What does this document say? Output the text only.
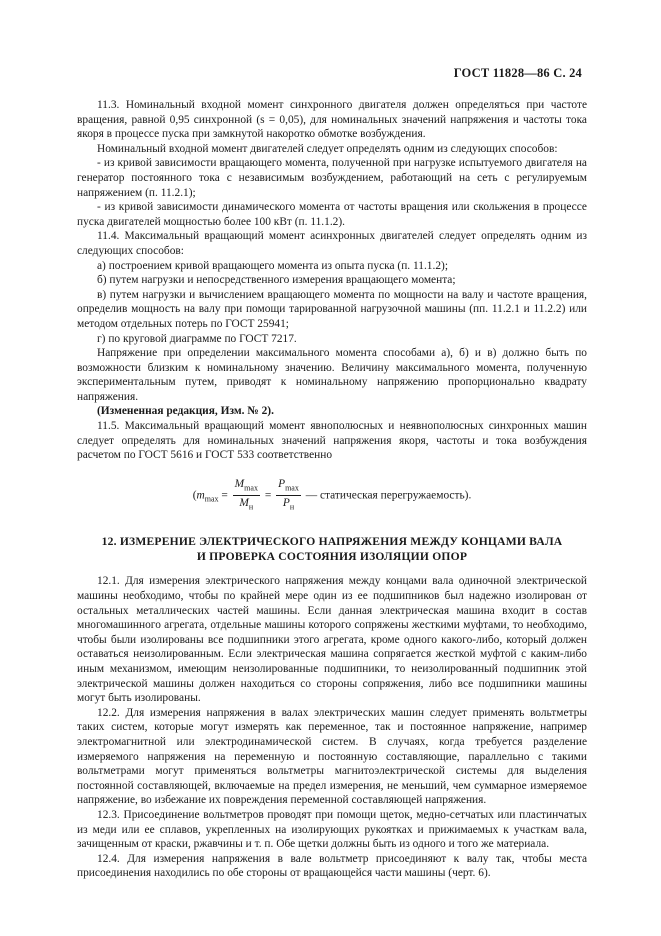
ГОСТ 11828—86 С. 24

11.3. Номинальный входной момент синхронного двигателя должен определяться при частоте вращения, равной 0,95 синхронной (s = 0,05), для номинальных значений напряжения и частоты тока якоря в процессе пуска при замкнутой накоротко обмотке возбуждения.

Номинальный входной момент двигателей следует определять одним из следующих способов:

- из кривой зависимости вращающего момента, полученной при нагрузке испытуемого двигателя на генератор постоянного тока с независимым возбуждением, работающий на сеть с регулируемым напряжением (п. 11.2.1);

- из кривой зависимости динамического момента от частоты вращения или скольжения в процессе пуска двигателей мощностью более 100 кВт (п. 11.1.2).

11.4. Максимальный вращающий момент асинхронных двигателей следует определять одним из следующих способов:

а) построением кривой вращающего момента из опыта пуска (п. 11.1.2);

б) путем нагрузки и непосредственного измерения вращающего момента;

в) путем нагрузки и вычислением вращающего момента по мощности на валу и частоте вращения, определив мощность на валу при помощи тарированной нагрузочной машины (пп. 11.2.1 и 11.2.2) или методом отдельных потерь по ГОСТ 25941;

г) по круговой диаграмме по ГОСТ 7217.

Напряжение при определении максимального момента способами а), б) и в) должно быть по возможности близким к номинальному значению. Величину максимального момента, полученную экспериментальным путем, приводят к номинальному напряжению пропорционально квадрату напряжения.

(Измененная редакция, Изм. № 2).

11.5. Максимальный вращающий момент явнополюсных и неявнополюсных синхронных машин следует определять для номинальных значений напряжения якоря, частоты и тока возбуждения расчетом по ГОСТ 5616 и ГОСТ 533 соответственно

($m_{max} = \frac{M_{max}}{M_н} = \frac{P_{max}}{P_н}$ — статическая перегружаемость).
12. ИЗМЕРЕНИЕ ЭЛЕКТРИЧЕСКОГО НАПРЯЖЕНИЯ МЕЖДУ КОНЦАМИ ВАЛА
И ПРОВЕРКА СОСТОЯНИЯ ИЗОЛЯЦИИ ОПОР

12.1. Для измерения электрического напряжения между концами вала одиночной электрической машины необходимо, чтобы по крайней мере один из ее подшипников был надежно изолирован от остальных металлических частей машины. Если данная электрическая машина входит в состав многомашинного агрегата, отдельные машины которого сопряжены жесткими муфтами, то необходимо, чтобы были изолированы все подшипники этого агрегата, кроме одного какого-либо, который должен оставаться неизолированным. Если электрическая машина сопрягается жесткой муфтой с каким-либо иным механизмом, имеющим неизолированные подшипники, то неизолированный подшипник этой электрической машины должен находиться со стороны сопряжения, либо все подшипники машины могут быть изолированы.

12.2. Для измерения напряжения в валах электрических машин следует применять вольтметры таких систем, которые могут измерять как переменное, так и постоянное напряжение, например электромагнитной или электродинамической систем. В случаях, когда требуется разделение измеряемого напряжения на переменную и постоянную составляющие, параллельно с такими вольтметрами могут применяться вольтметры магнитоэлектрической системы для выделения постоянной составляющей, включаемые на предел измерения, не меньший, чем суммарное измеряемое напряжение, во избежание их повреждения переменной составляющей напряжения.

12.3. Присоединение вольтметров проводят при помощи щеток, медно-сетчатых или пластинчатых из меди или ее сплавов, укрепленных на изолирующих рукоятках и прижимаемых к участкам вала, зачищенным от краски, ржавчины и т. п. Обе щетки должны быть из одного и того же материала.

12.4. Для измерения напряжения в вале вольтметр присоединяют к валу так, чтобы места присоединения находились по обе стороны от вращающейся части машины (черт. 6).
